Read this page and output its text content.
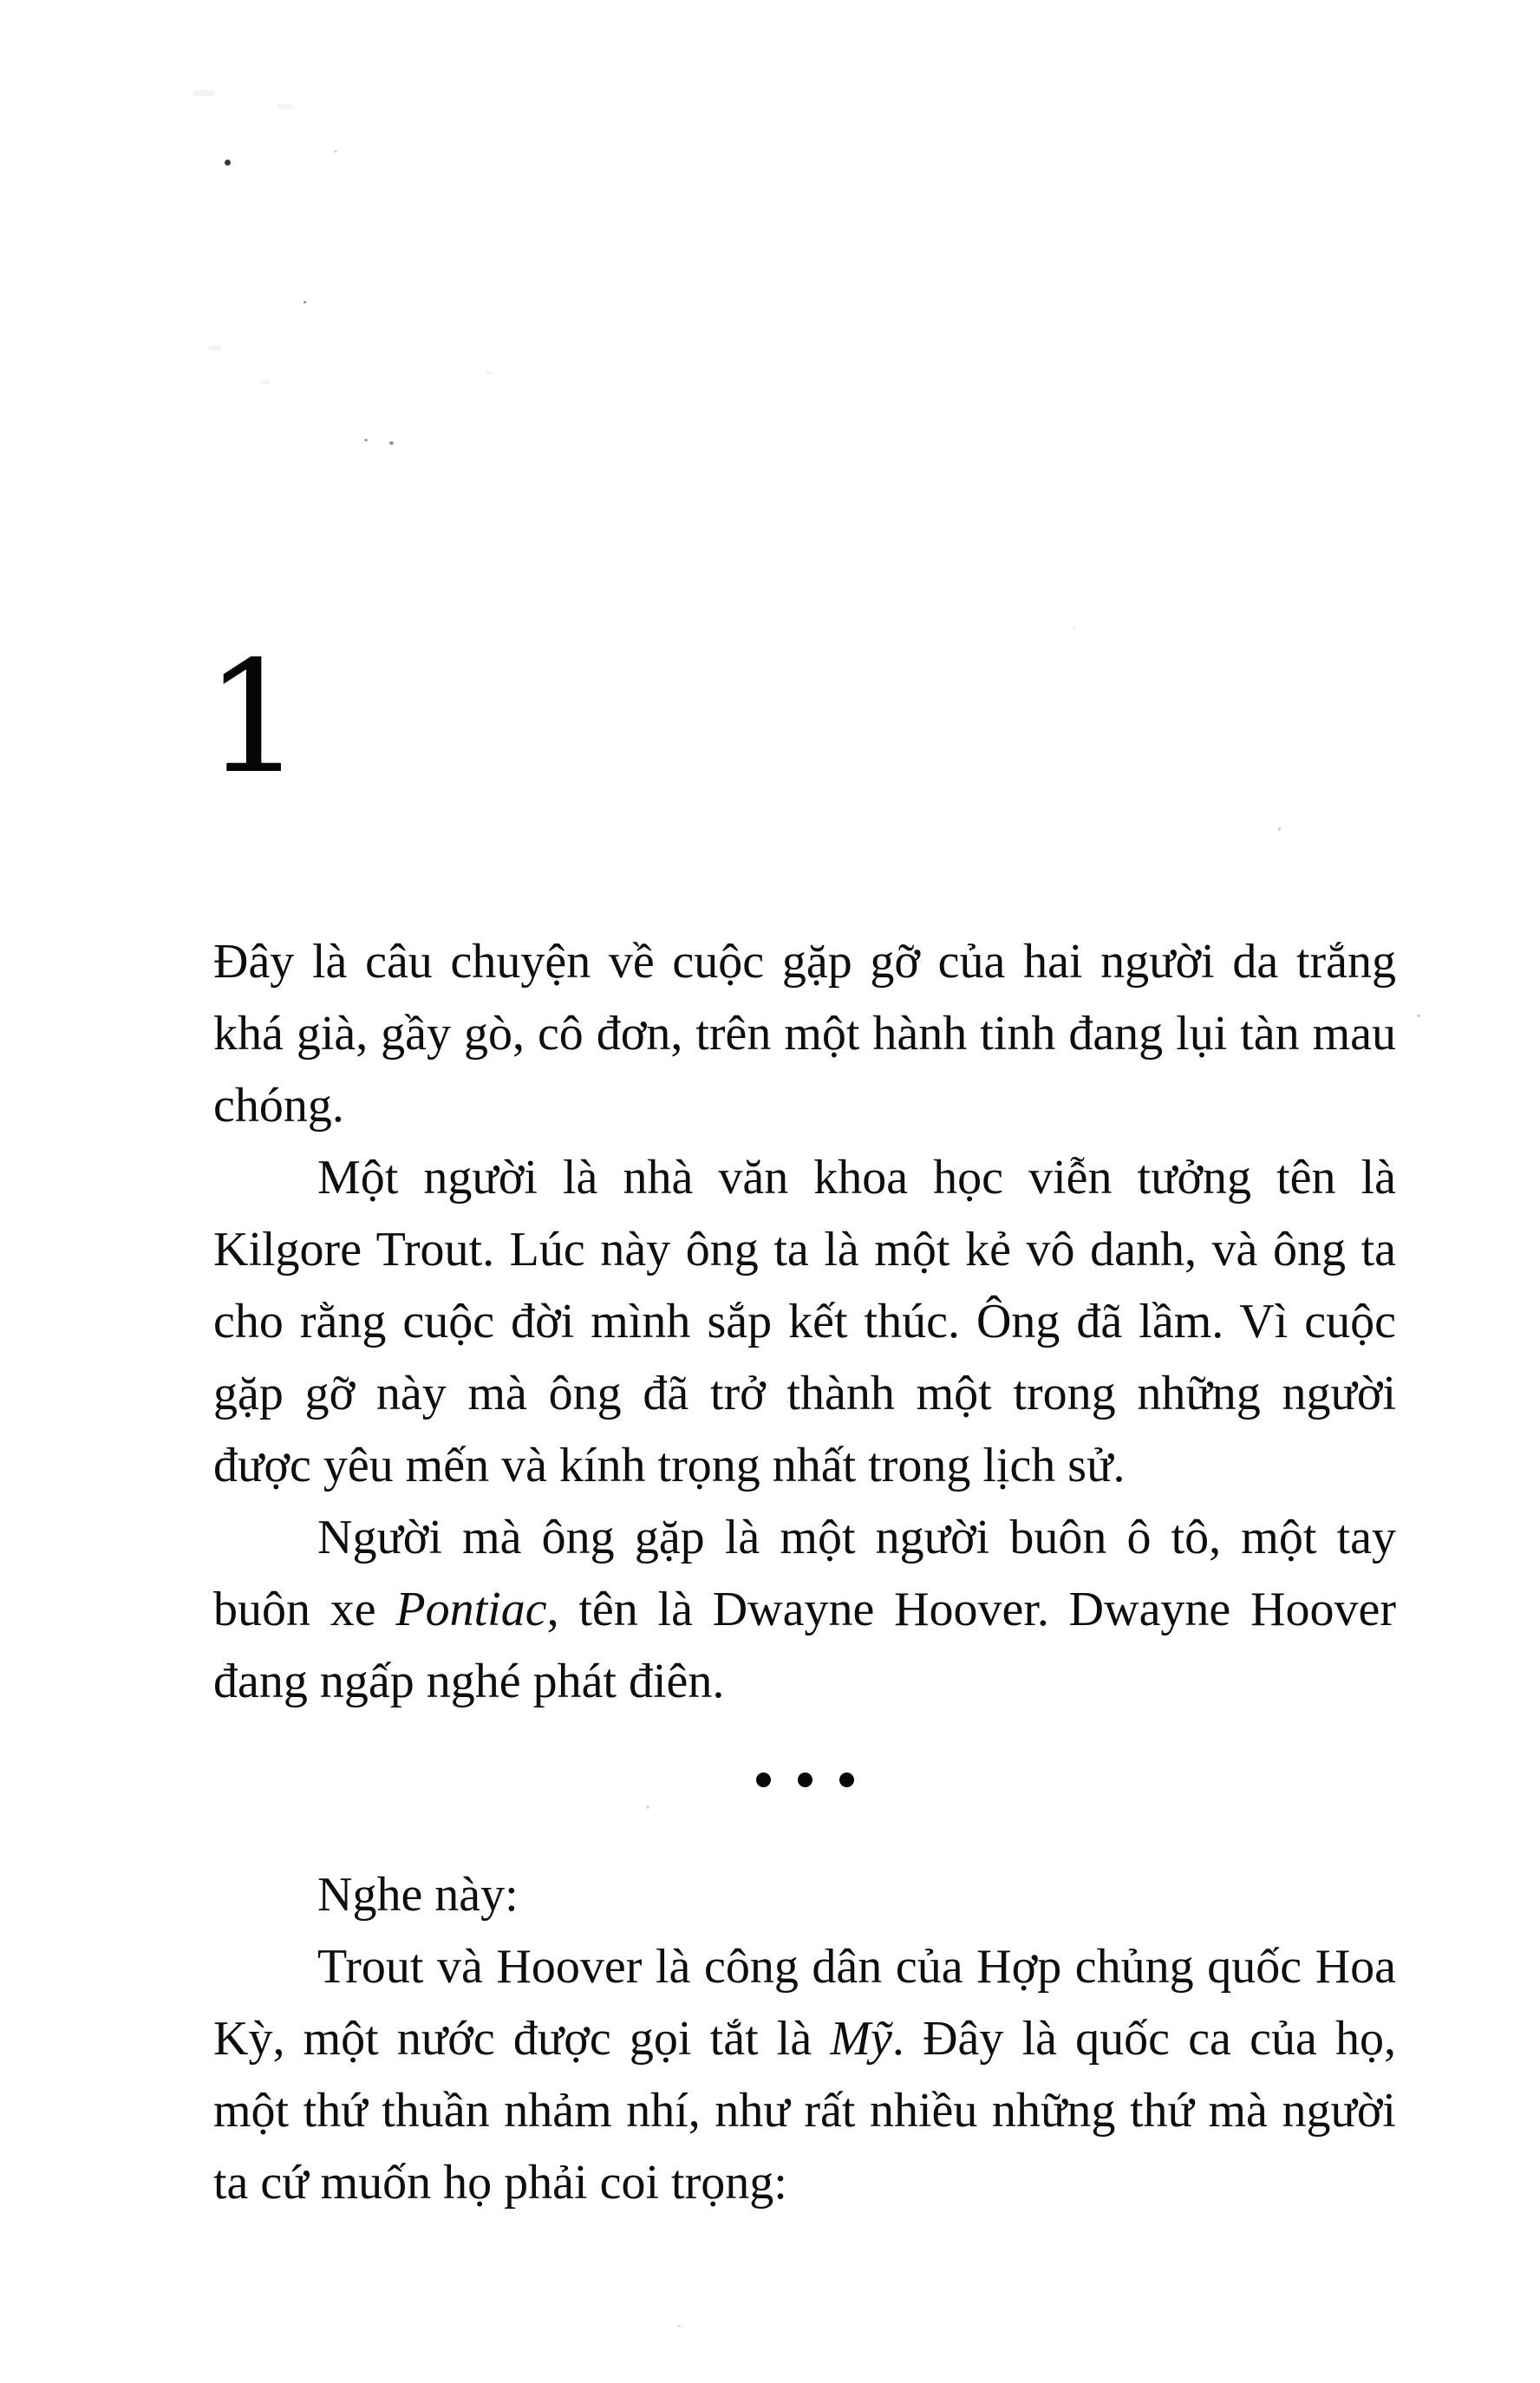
1

Đây là câu chuyện về cuộc gặp gỡ của hai người da trắng khá già, gầy gò, cô đơn, trên một hành tinh đang lụi tàn mau chóng.

Một người là nhà văn khoa học viễn tưởng tên là Kilgore Trout. Lúc này ông ta là một kẻ vô danh, và ông ta cho rằng cuộc đời mình sắp kết thúc. Ông đã lầm. Vì cuộc gặp gỡ này mà ông đã trở thành một trong những người được yêu mến và kính trọng nhất trong lịch sử.

Người mà ông gặp là một người buôn ô tô, một tay buôn xe Pontiac, tên là Dwayne Hoover. Dwayne Hoover đang ngấp nghé phát điên.

Nghe này:

Trout và Hoover là công dân của Hợp chủng quốc Hoa Kỳ, một nước được gọi tắt là Mỹ. Đây là quốc ca của họ, một thứ thuần nhảm nhí, như rất nhiều những thứ mà người ta cứ muốn họ phải coi trọng:
